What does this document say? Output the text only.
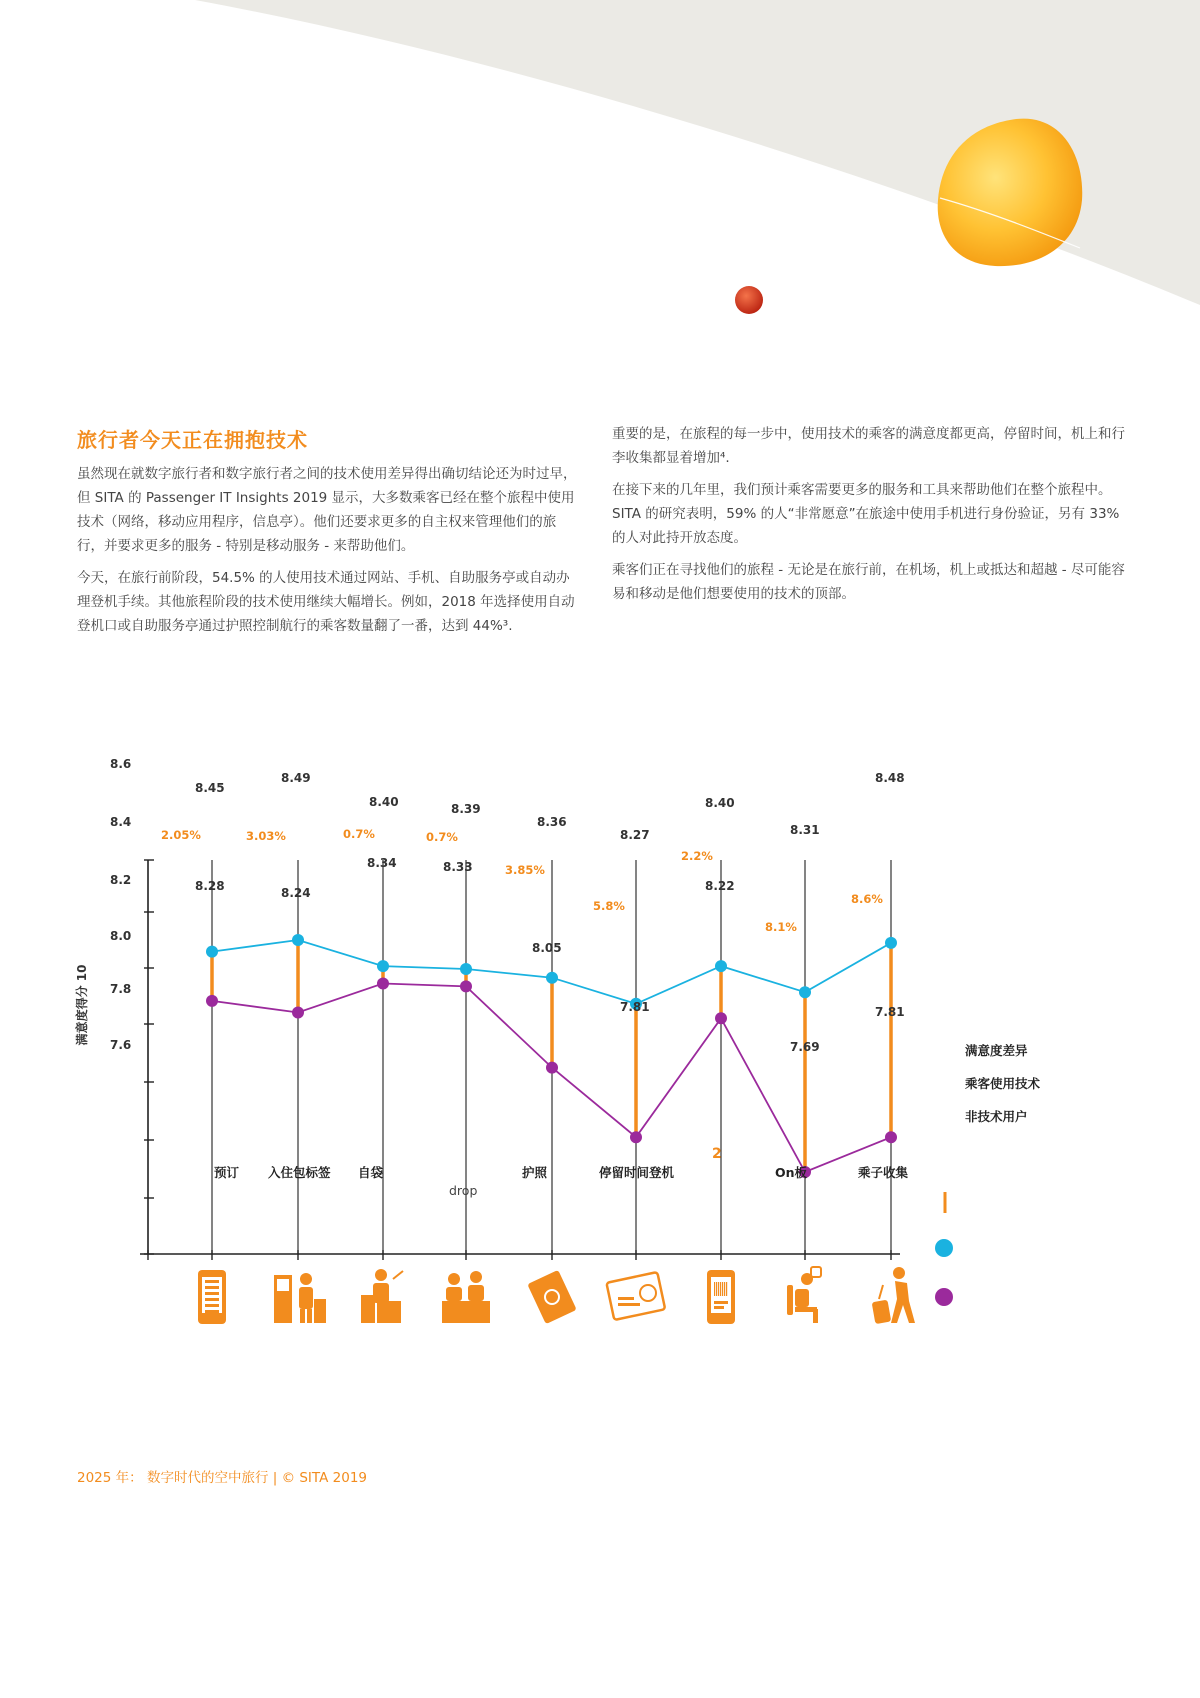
旅行者今天正在拥抱技术

虽然现在就数字旅行者和数字旅行者之间的技术使用差异得出确切结论还为时过早，但 SITA 的 Passenger IT Insights 2019 显示，大多数乘客已经在整个旅程中使用技术（网络，移动应用程序，信息亭）。他们还要求更多的自主权来管理他们的旅行，并要求更多的服务 - 特别是移动服务 - 来帮助他们。

今天，在旅行前阶段，54.5% 的人使用技术通过网站、手机、自助服务亭或自动办理登机手续。其他旅程阶段的技术使用继续大幅增长。例如，2018 年选择使用自动登机口或自助服务亭通过护照控制航行的乘客数量翻了一番，达到 44%³.

重要的是，在旅程的每一步中，使用技术的乘客的满意度都更高，停留时间，机上和行李收集都显着增加⁴.

在接下来的几年里，我们预计乘客需要更多的服务和工具来帮助他们在整个旅程中。SITA 的研究表明，59% 的人“非常愿意”在旅途中使用手机进行身份验证，另有 33% 的人对此持开放态度。

乘客们正在寻找他们的旅程 - 无论是在旅行前，在机场，机上或抵达和超越 - 尽可能容易和移动是他们想要使用的技术的顶部。

8.6
8.4
8.2
8.0
7.8
7.6
满意度得分 10
8.45
8.49
8.40	8.39
8.36
8.27
8.40
8.31
8.48
8.28	8.24
8.34	8.33
8.05
7.81
8.22
7.69
7.81
2.05%	3.03%	0.7%	0.7%
3.85%
5.8%
2.2%
8.1%
8.6%
预订 入住包标签 自袋	护照	停留时间登机	On板	乘子收集
drop
2
满意度差异
乘客使用技术
非技术用户
2025 年： 数字时代的空中旅行 | © SITA 2019
